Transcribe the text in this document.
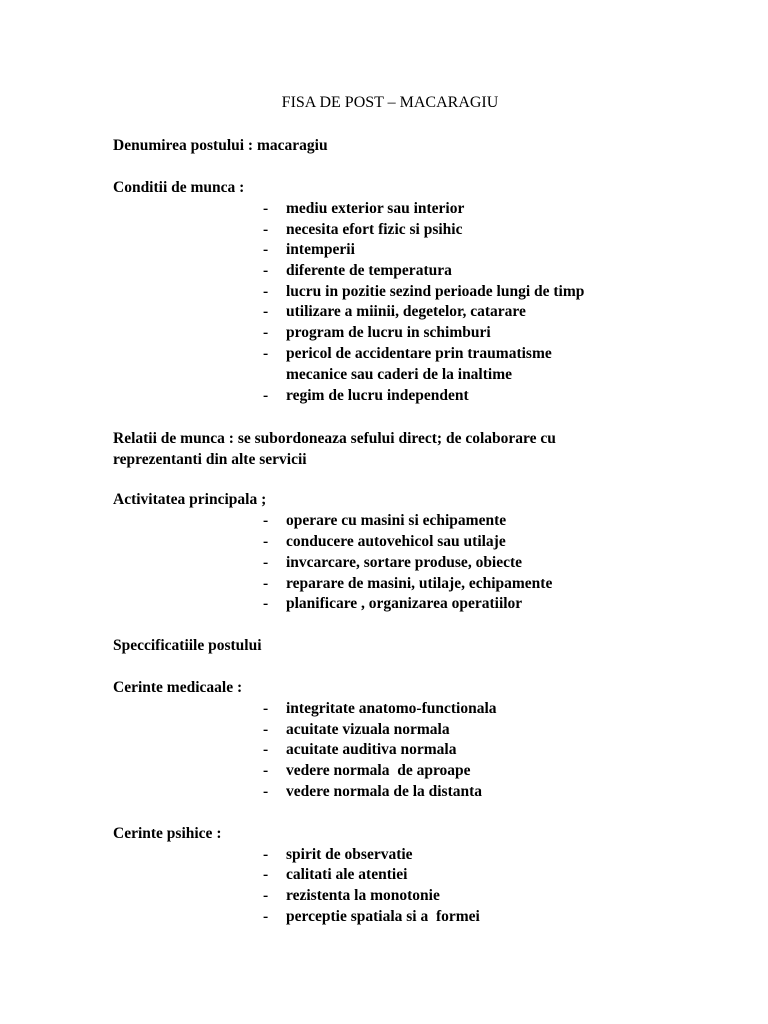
FISA DE POST – MACARAGIU
Denumirea postului : macaragiu
Conditii de munca :
- mediu exterior sau interior
- necesita efort fizic si psihic
- intemperii
- diferente de temperatura
- lucru in pozitie sezind perioade lungi de timp
- utilizare a miinii, degetelor, catarare
- program de lucru in schimburi
- pericol de accidentare prin traumatisme
mecanice sau caderi de la inaltime
- regim de lucru independent
Relatii de munca : se subordoneaza sefului direct; de colaborare cu reprezentanti din alte servicii
Activitatea principala ;
- operare cu masini si echipamente
- conducere autovehicol sau utilaje
- invcarcare, sortare produse, obiecte
- reparare de masini, utilaje, echipamente
- planificare , organizarea operatiilor
Speccificatiile postului
Cerinte medicaale :
- integritate anatomo-functionala
- acuitate vizuala normala
- acuitate auditiva normala
- vedere normala  de aproape
- vedere normala de la distanta
Cerinte psihice :
- spirit de observatie
- calitati ale atentiei
- rezistenta la monotonie
- perceptie spatiala si a  formei
